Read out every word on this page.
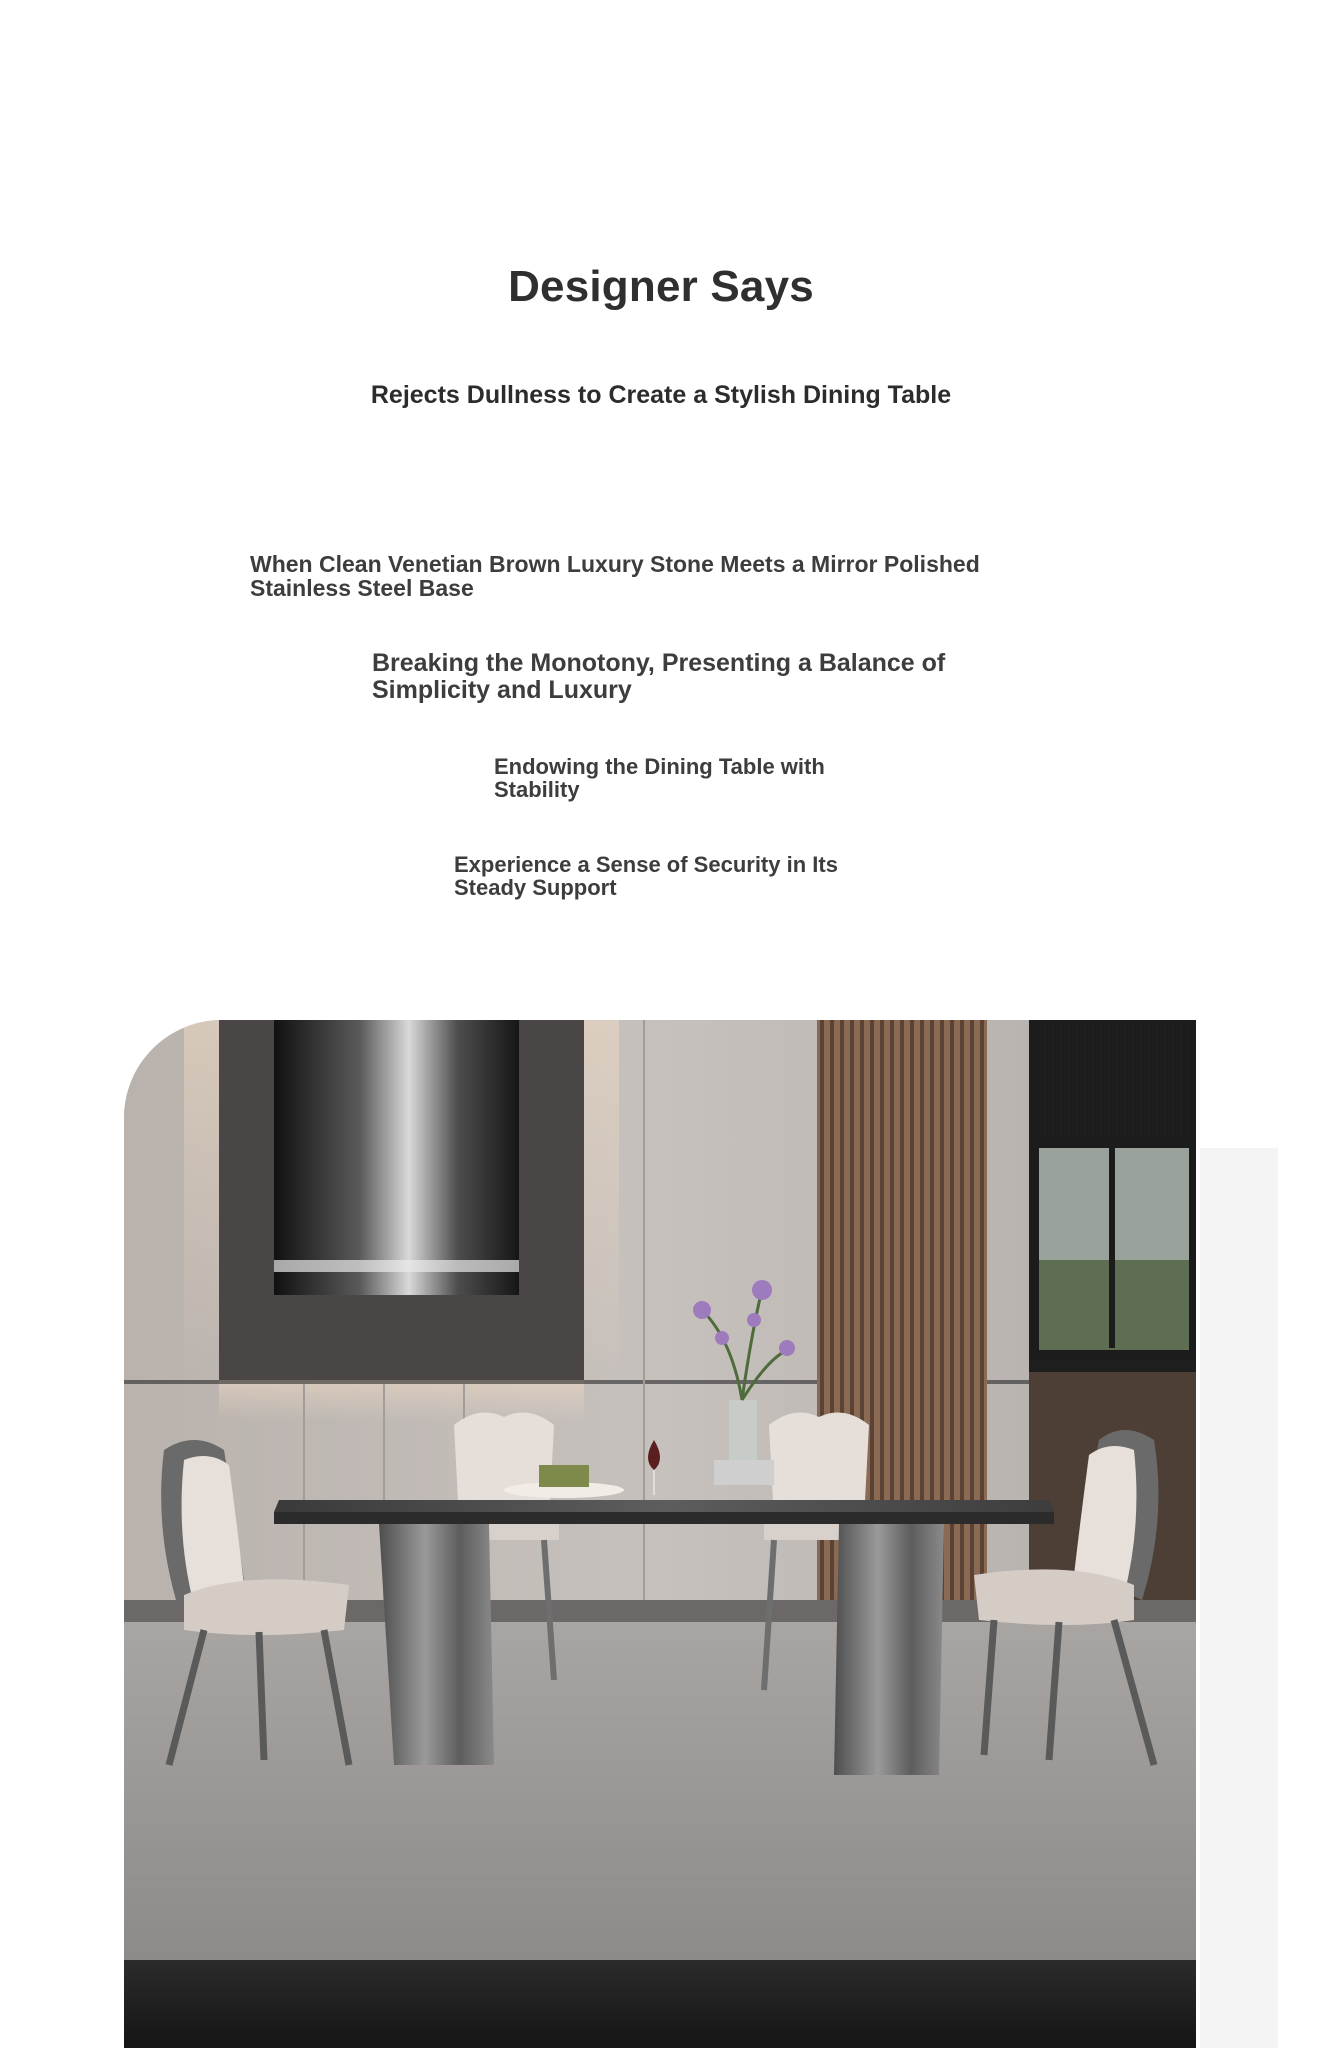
Designer Says
Rejects Dullness to Create a Stylish Dining Table
When Clean Venetian Brown Luxury Stone Meets a Mirror Polished
Stainless Steel Base
Breaking the Monotony, Presenting a Balance of
Simplicity and Luxury
Endowing the Dining Table with
Stability
Experience a Sense of Security in Its
Steady Support
